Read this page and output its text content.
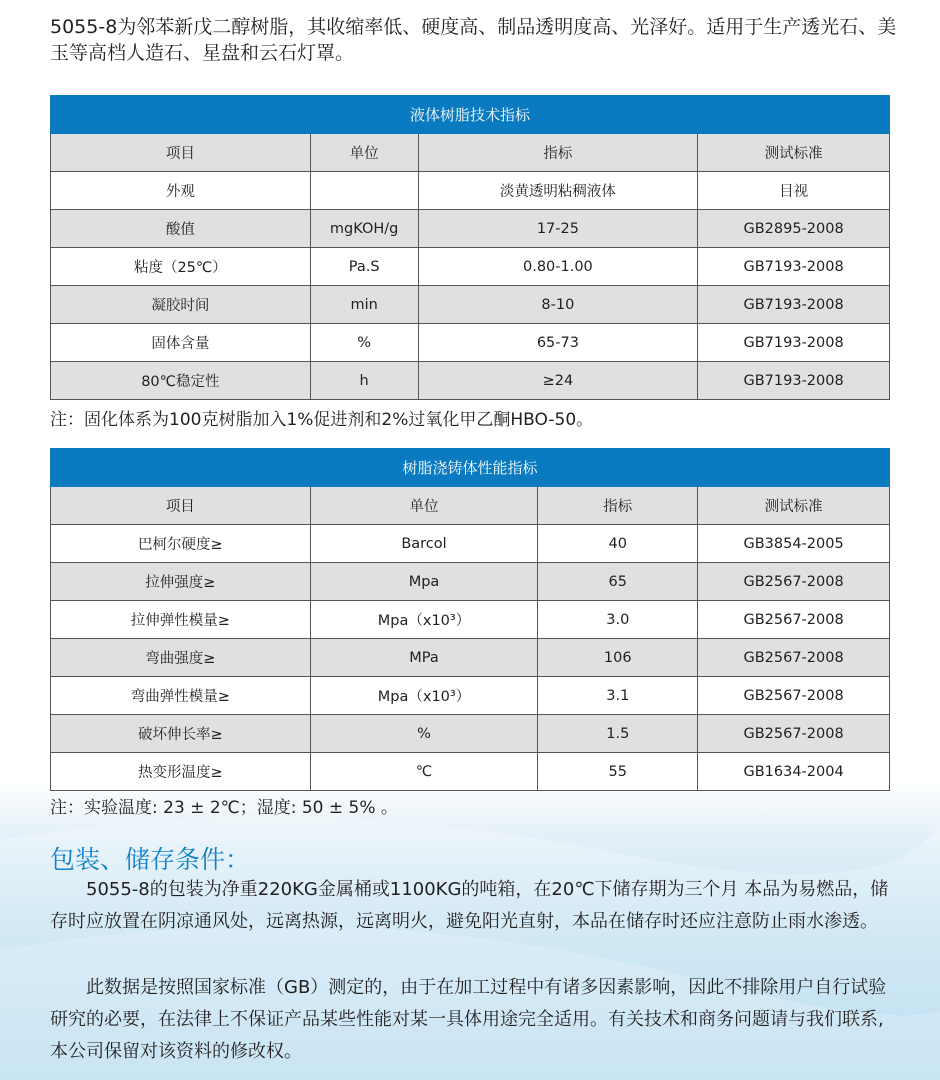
5055-8为邻苯新戊二醇树脂，其收缩率低、硬度高、制品透明度高、光泽好。适用于生产透光石、美玉等高档人造石、星盘和云石灯罩。
液体树脂技术指标			
项目	单位	指标	测试标准
外观		淡黄透明粘稠液体	目视
酸值	mgKOH/g	17-25	GB2895-2008
粘度（25℃）	Pa.S	0.80-1.00	GB7193-2008
凝胶时间	min	8-10	GB7193-2008
固体含量	%	65-73	GB7193-2008
80℃稳定性	h	≥24	GB7193-2008
注：固化体系为100克树脂加入1%促进剂和2%过氧化甲乙酮HBO-50。
树脂浇铸体性能指标			
项目	单位	指标	测试标准
巴柯尔硬度≥	Barcol	40	GB3854-2005
拉伸强度≥	Mpa	65	GB2567-2008
拉伸弹性模量≥	Mpa（x10³）	3.0	GB2567-2008
弯曲强度≥	MPa	106	GB2567-2008
弯曲弹性模量≥	Mpa（x10³）	3.1	GB2567-2008
破坏伸长率≥	%	1.5	GB2567-2008
热变形温度≥	℃	55	GB1634-2004
注：实验温度: 23 ± 2℃；湿度: 50 ± 5% 。
包装、储存条件：
5055-8的包装为净重220KG金属桶或1100KG的吨箱，在20℃下储存期为三个月 本品为易燃品，储存时应放置在阴凉通风处，远离热源，远离明火，避免阳光直射，本品在储存时还应注意防止雨水渗透。
此数据是按照国家标准（GB）测定的，由于在加工过程中有诸多因素影响，因此不排除用户自行试验研究的必要，在法律上不保证产品某些性能对某一具体用途完全适用。有关技术和商务问题请与我们联系,本公司保留对该资料的修改权。
